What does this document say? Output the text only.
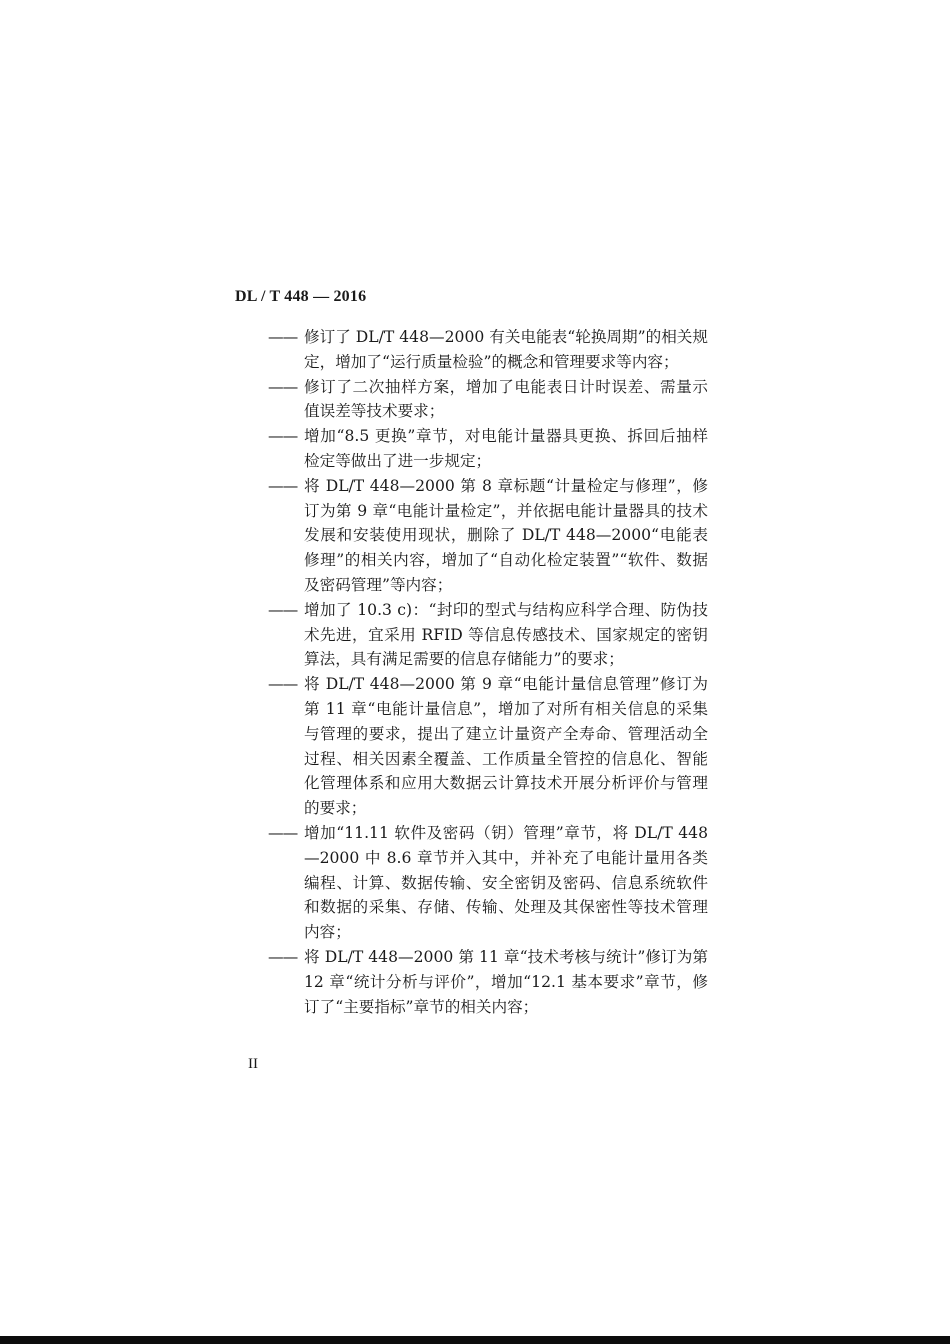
DL / T 448 — 2016
—— 修订了 DL/T 448—2000 有关电能表“轮换周期”的相关规定，增加了“运行质量检验”的概念和管理要求等内容；
—— 修订了二次抽样方案，增加了电能表日计时误差、需量示值误差等技术要求；
—— 增加“8.5 更换”章节，对电能计量器具更换、拆回后抽样检定等做出了进一步规定；
—— 将 DL/T 448—2000 第 8 章标题“计量检定与修理”，修订为第 9 章“电能计量检定”，并依据电能计量器具的技术发展和安装使用现状，删除了 DL/T 448—2000“电能表修理”的相关内容，增加了“自动化检定装置”“软件、数据及密码管理”等内容；
—— 增加了 10.3 c)：“封印的型式与结构应科学合理、防伪技术先进，宜采用 RFID 等信息传感技术、国家规定的密钥算法，具有满足需要的信息存储能力”的要求；
—— 将 DL/T 448—2000 第 9 章“电能计量信息管理”修订为第 11 章“电能计量信息”，增加了对所有相关信息的采集与管理的要求，提出了建立计量资产全寿命、管理活动全过程、相关因素全覆盖、工作质量全管控的信息化、智能化管理体系和应用大数据云计算技术开展分析评价与管理的要求；
—— 增加“11.11 软件及密码（钥）管理”章节，将 DL/T 448—2000 中 8.6 章节并入其中，并补充了电能计量用各类编程、计算、数据传输、安全密钥及密码、信息系统软件和数据的采集、存储、传输、处理及其保密性等技术管理内容；
—— 将 DL/T 448—2000 第 11 章“技术考核与统计”修订为第 12 章“统计分析与评价”，增加“12.1 基本要求”章节，修订了“主要指标”章节的相关内容；
II
